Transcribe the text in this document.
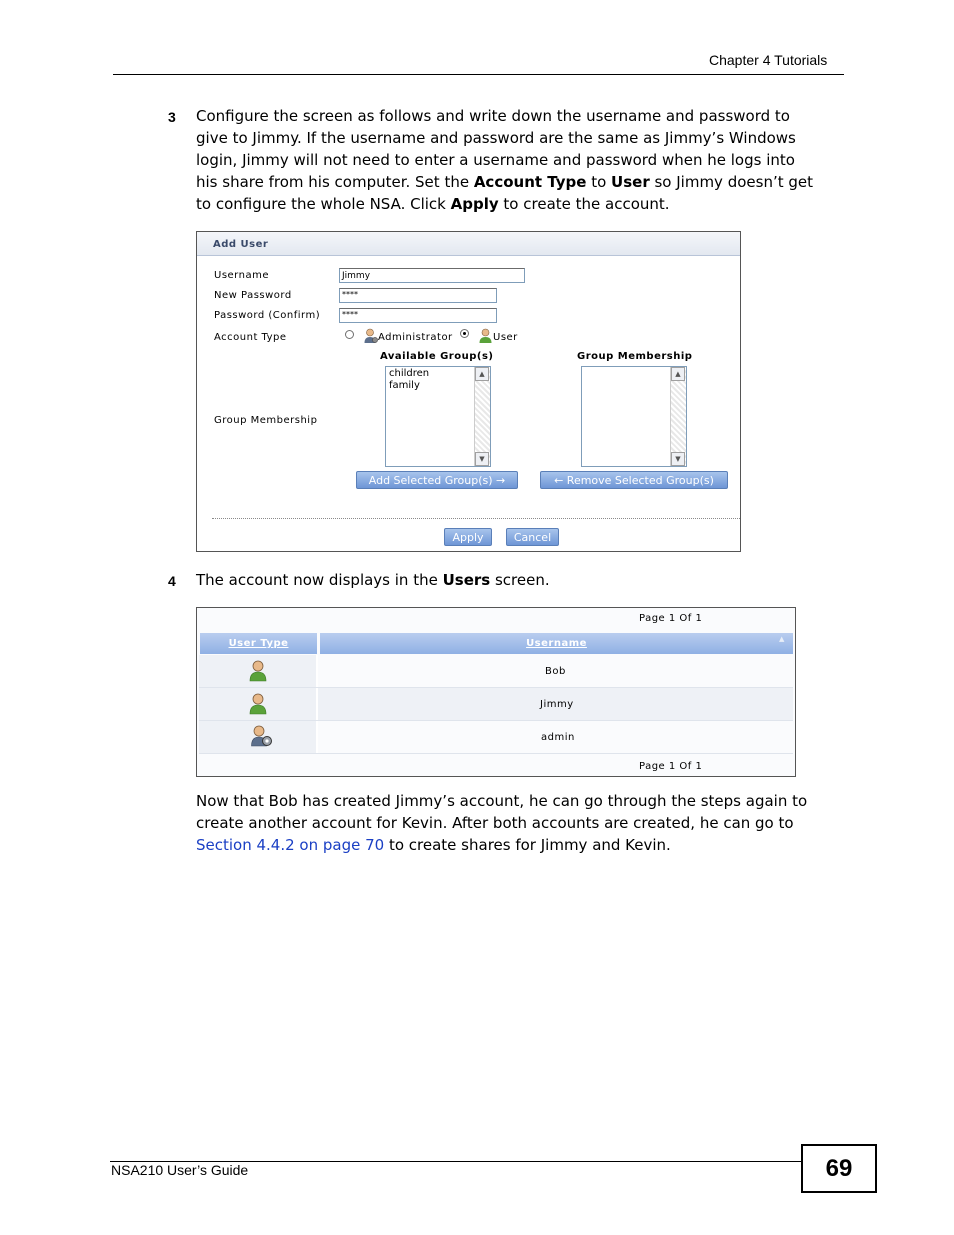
Chapter 4 Tutorials
3 Configure the screen as follows and write down the username and password to
give to Jimmy. If the username and password are the same as Jimmy’s Windows
login, Jimmy will not need to enter a username and password when he logs into
his share from his computer. Set the Account Type to User so Jimmy doesn’t get
to configure the whole NSA. Click Apply to create the account.
Add User
Username	Jimmy
New Password	****
Password (Confirm)	****
Account Type	Administrator	User
Available Group(s)	Group Membership
Group Membership
children
family
▲
▼
▲
▼
Add Selected Group(s) →	← Remove Selected Group(s)
Apply	Cancel
4 The account now displays in the Users screen.
Page 1 Of 1
User Type	Username	▲
Bob
Jimmy
admin
Page 1 Of 1
Now that Bob has created Jimmy’s account, he can go through the steps again to
create another account for Kevin. After both accounts are created, he can go to
Section 4.4.2 on page 70 to create shares for Jimmy and Kevin.
NSA210 User’s Guide	69
